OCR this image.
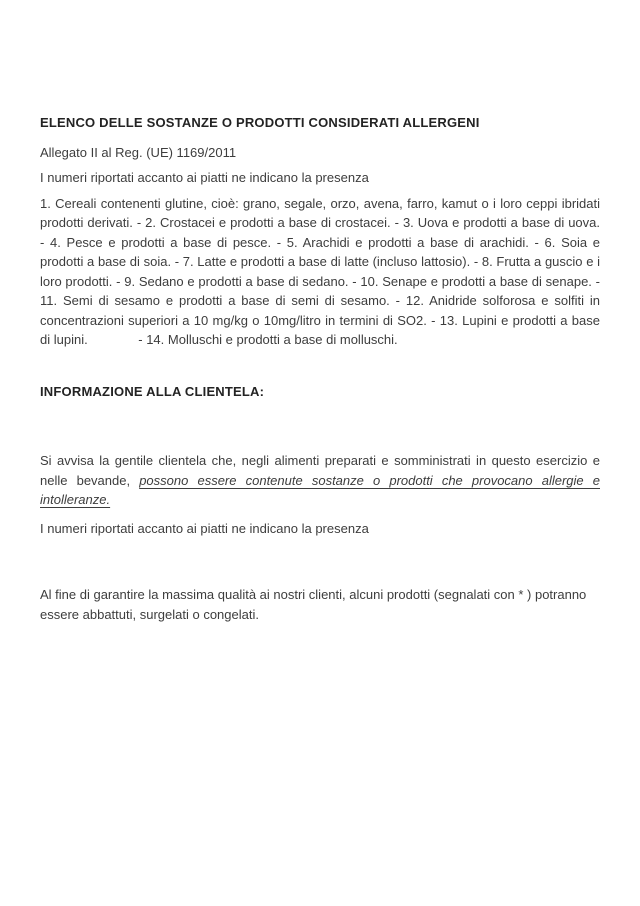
ELENCO DELLE SOSTANZE O PRODOTTI CONSIDERATI ALLERGENI

Allegato II al Reg. (UE) 1169/2011

I numeri riportati accanto ai piatti ne indicano la presenza

1. Cereali contenenti glutine, cioè: grano, segale, orzo, avena, farro, kamut o i loro ceppi ibridati prodotti derivati. - 2. Crostacei e prodotti a base di crostacei. - 3. Uova e prodotti a base di uova. - 4. Pesce e prodotti a base di pesce. - 5. Arachidi e prodotti a base di arachidi. - 6. Soia e prodotti a base di soia. - 7. Latte e prodotti a base di latte (incluso lattosio). - 8. Frutta a guscio e i loro prodotti. - 9. Sedano e prodotti a base di sedano. - 10. Senape e prodotti a base di senape. - 11. Semi di sesamo e prodotti a base di semi di sesamo. - 12. Anidride solforosa e solfiti in concentrazioni superiori a 10 mg/kg o 10mg/litro in termini di SO2. - 13. Lupini e prodotti a base di lupini.              - 14. Molluschi e prodotti a base di molluschi.

INFORMAZIONE ALLA CLIENTELA:

Si avvisa la gentile clientela che, negli alimenti preparati e somministrati in questo esercizio e nelle bevande, possono essere contenute sostanze o prodotti che provocano allergie e intolleranze.

I numeri riportati accanto ai piatti ne indicano la presenza

Al fine di garantire la massima qualità ai nostri clienti, alcuni prodotti (segnalati con * ) potranno essere abbattuti, surgelati o congelati.
